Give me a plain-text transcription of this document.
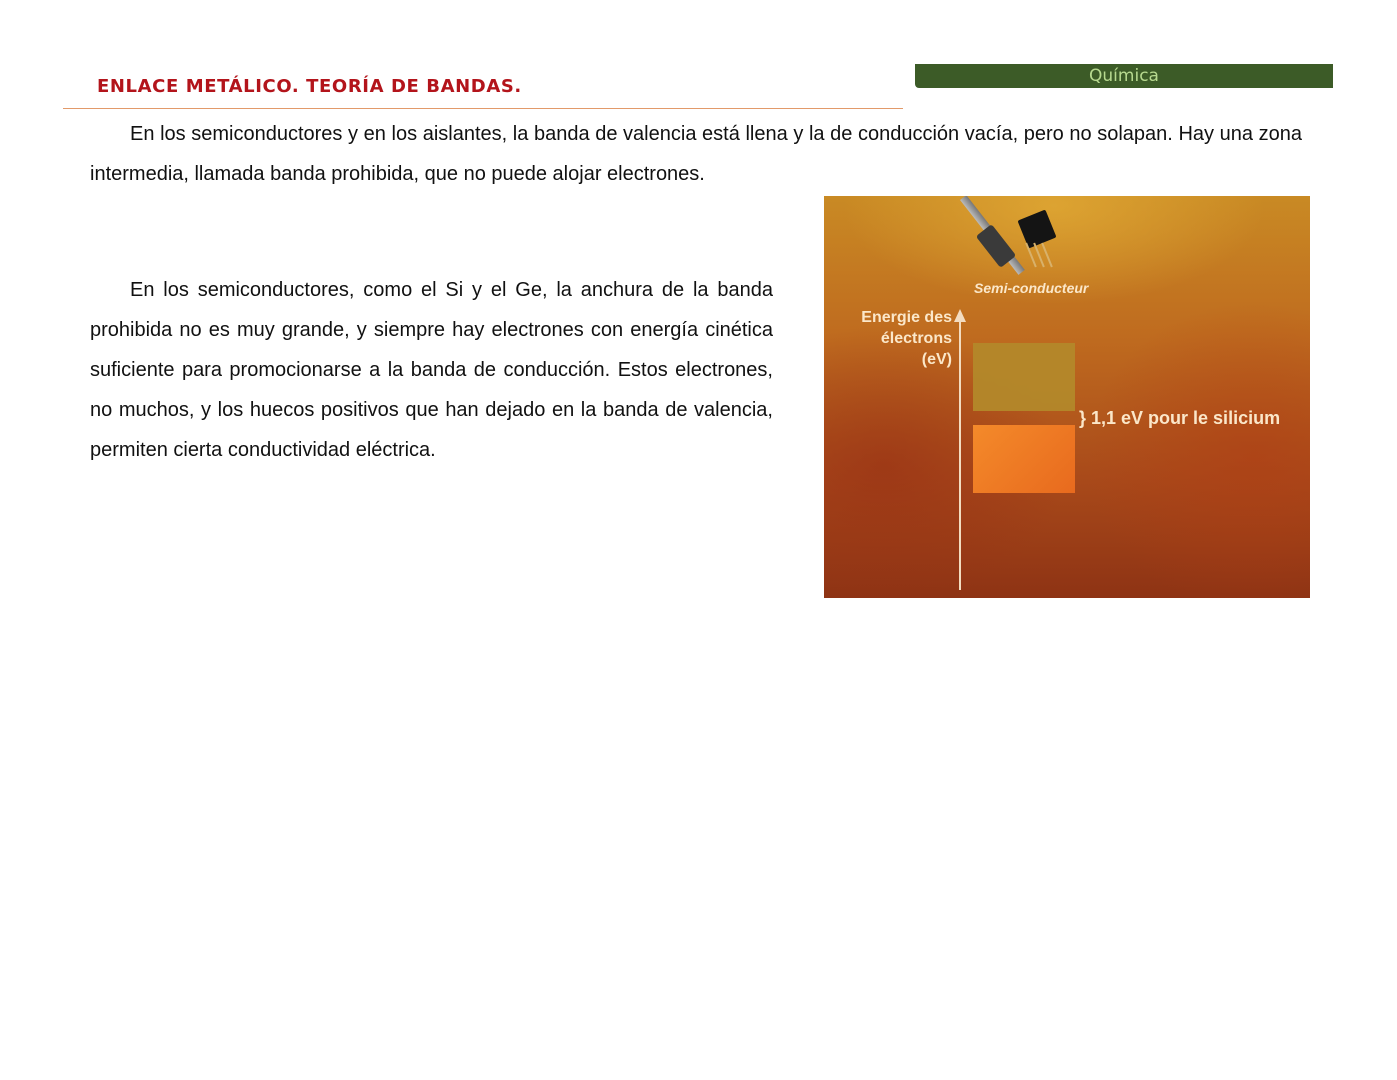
ENLACE METÁLICO. TEORÍA DE BANDAS.	Química

En los semiconductores y en los aislantes, la banda de valencia está llena y la de conducción vacía, pero no solapan. Hay una zona intermedia, llamada banda prohibida, que no puede alojar electrones.

En los semiconductores, como el Si y el Ge, la anchura de la banda prohibida no es muy grande, y siempre hay electrones con energía cinética suficiente para promocionarse a la banda de conducción. Estos electrones, no muchos, y los huecos positivos que han dejado en la banda de valencia, permiten cierta conductividad eléctrica.

Semi-conducteur
Energie des
électrons
(eV)
} 1,1 eV pour le silicium
